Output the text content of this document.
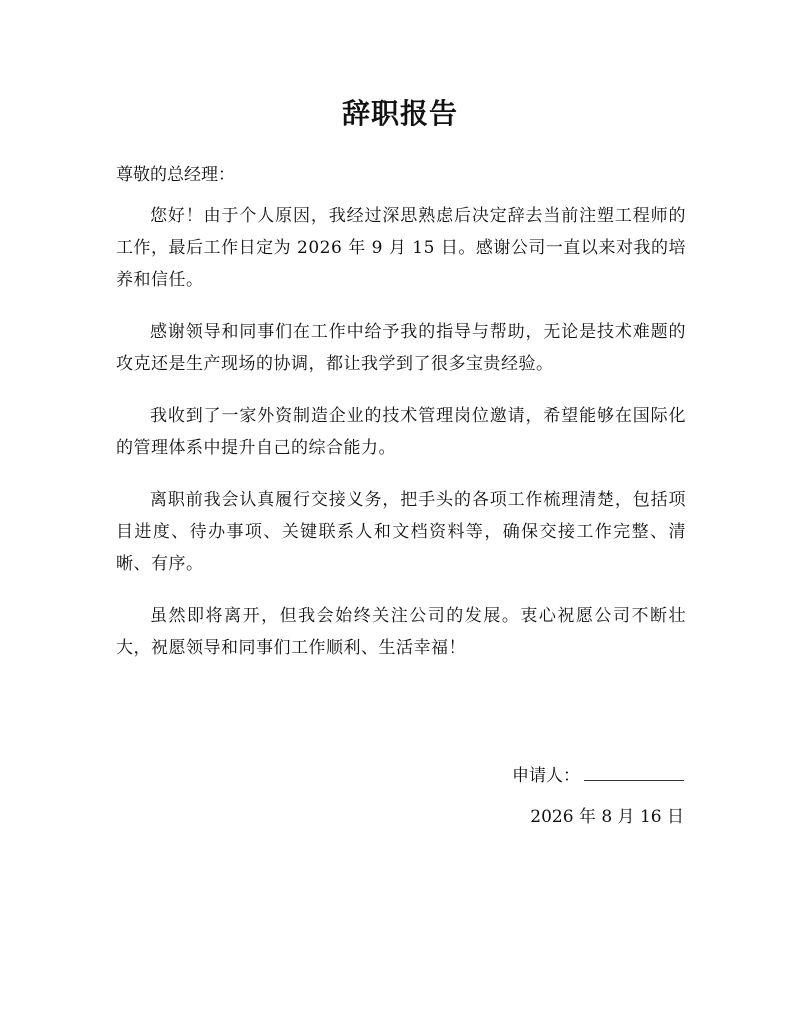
辞职报告
尊敬的总经理：

您好！由于个人原因，我经过深思熟虑后决定辞去当前注塑工程师的工作，最后工作日定为 2026 年 9 月 15 日。感谢公司一直以来对我的培养和信任。

感谢领导和同事们在工作中给予我的指导与帮助，无论是技术难题的攻克还是生产现场的协调，都让我学到了很多宝贵经验。

我收到了一家外资制造企业的技术管理岗位邀请，希望能够在国际化的管理体系中提升自己的综合能力。

离职前我会认真履行交接义务，把手头的各项工作梳理清楚，包括项目进度、待办事项、关键联系人和文档资料等，确保交接工作完整、清晰、有序。

虽然即将离开，但我会始终关注公司的发展。衷心祝愿公司不断壮大，祝愿领导和同事们工作顺利、生活幸福！

申请人：
2026 年 8 月 16 日
